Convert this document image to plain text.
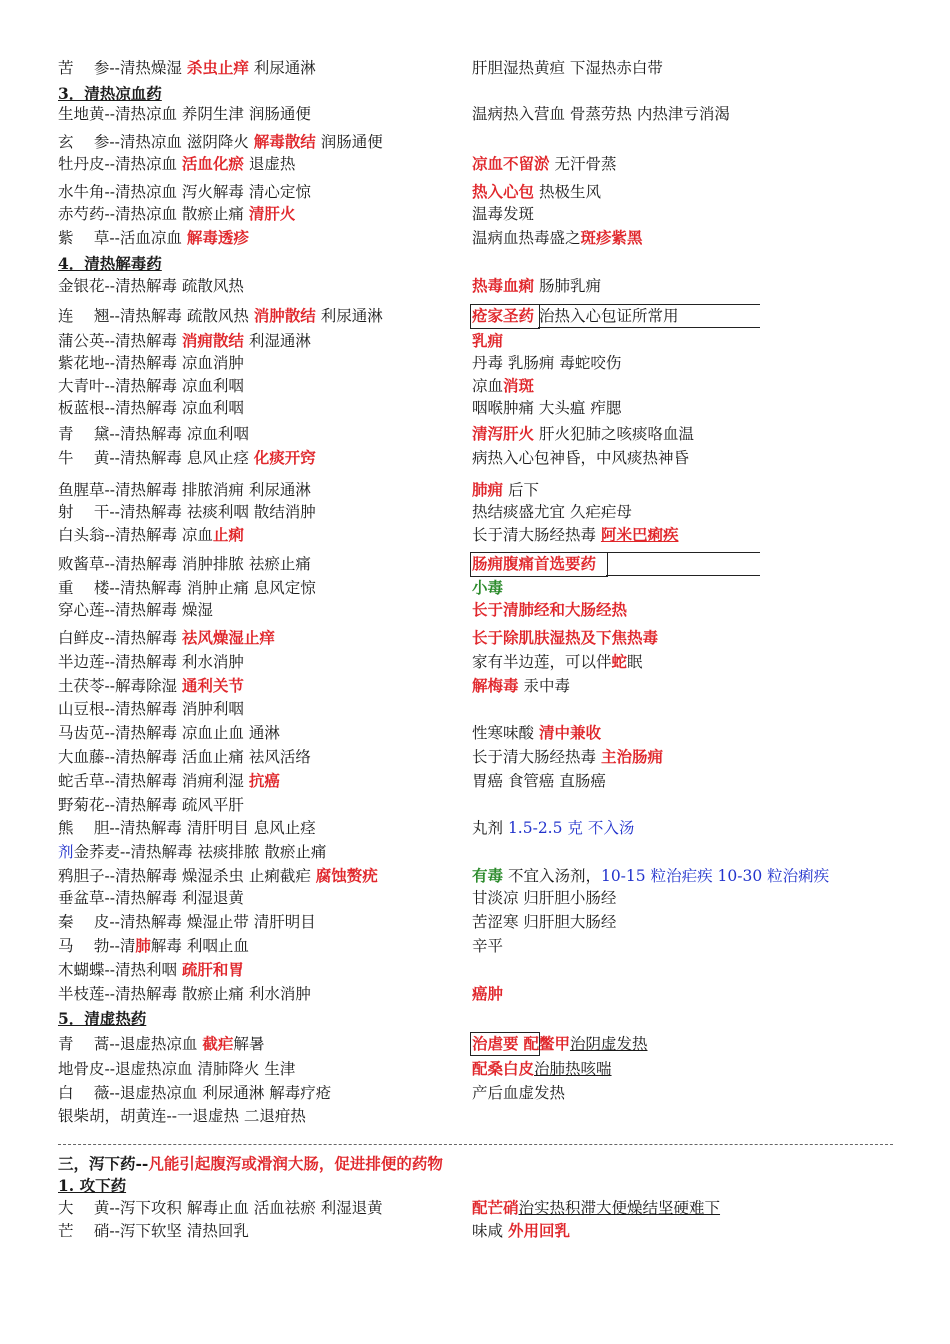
苦　 参--清热燥湿 杀虫止痒 利尿通淋	肝胆湿热黄疸 下湿热赤白带
3．清热凉血药
生地黄--清热凉血 养阴生津 润肠通便	温病热入营血 骨蒸劳热 内热津亏消渴
玄　 参--清热凉血 滋阴降火 解毒散结 润肠通便
牡丹皮--清热凉血 活血化瘀 退虚热	凉血不留淤 无汗骨蒸
水牛角--清热凉血 泻火解毒 清心定惊	热入心包 热极生风
赤芍药--清热凉血 散瘀止痛 清肝火	温毒发斑
紫　 草--活血凉血 解毒透疹	温病血热毒盛之斑疹紫黑
4．清热解毒药
金银花--清热解毒 疏散风热	热毒血痢 肠肺乳痈
连　 翘--清热解毒 疏散风热 消肿散结 利尿通淋	疮家圣药 治热入心包证所常用
蒲公英--清热解毒 消痈散结 利湿通淋	乳痈
紫花地--清热解毒 凉血消肿	丹毒 乳肠痈 毒蛇咬伤
大青叶--清热解毒 凉血利咽	凉血消斑
板蓝根--清热解毒 凉血利咽	咽喉肿痛 大头瘟 痄腮
青　 黛--清热解毒 凉血利咽	清泻肝火 肝火犯肺之咳痰咯血温
牛　 黄--清热解毒 息风止痉 化痰开窍	病热入心包神昏，中风痰热神昏
鱼腥草--清热解毒 排脓消痈 利尿通淋	肺痈 后下
射　 干--清热解毒 祛痰利咽 散结消肿	热结痰盛尤宜 久疟疟母
白头翁--清热解毒 凉血止痢	长于清大肠经热毒 阿米巴痢疾
败酱草--清热解毒 消肿排脓 祛瘀止痛	肠痈腹痛首选要药
重　 楼--清热解毒 消肿止痛 息风定惊	小毒
穿心莲--清热解毒 燥湿	长于清肺经和大肠经热
白鲜皮--清热解毒 祛风燥湿止痒	长于除肌肤湿热及下焦热毒
半边莲--清热解毒 利水消肿	家有半边莲，可以伴蛇眠
土茯苓--解毒除湿 通利关节	解梅毒 汞中毒
山豆根--清热解毒 消肿利咽
马齿苋--清热解毒 凉血止血 通淋	性寒味酸 清中兼收
大血藤--清热解毒 活血止痛 祛风活络	长于清大肠经热毒 主治肠痈
蛇舌草--清热解毒 消痈利湿 抗癌	胃癌 食管癌 直肠癌
野菊花--清热解毒 疏风平肝
熊　 胆--清热解毒 清肝明目 息风止痉	丸剂 1.5-2.5 克 不入汤
剂金荞麦--清热解毒 祛痰排脓 散瘀止痛
鸦胆子--清热解毒 燥湿杀虫 止痢截疟 腐蚀赘疣	有毒 不宜入汤剂，10-15 粒治疟疾 10-30 粒治痢疾
垂盆草--清热解毒 利湿退黄	甘淡凉 归肝胆小肠经
秦　 皮--清热解毒 燥湿止带 清肝明目	苦涩寒 归肝胆大肠经
马　 勃--清肺解毒 利咽止血	辛平
木蝴蝶--清热利咽 疏肝和胃
半枝莲--清热解毒 散瘀止痛 利水消肿	癌肿
5．清虚热药
青　 蒿--退虚热凉血 截疟解暑	治虐要 配鳖甲治阴虚发热
地骨皮--退虚热凉血 清肺降火 生津	配桑白皮治肺热咳喘
白　 薇--退虚热凉血 利尿通淋 解毒疗疮	产后血虚发热
银柴胡，胡黄连--一退虚热 二退疳热
三，泻下药--凡能引起腹泻或滑润大肠，促进排便的药物
1. 攻下药
大　 黄--泻下攻积 解毒止血 活血祛瘀 利湿退黄	配芒硝治实热积滞大便燥结坚硬难下
芒　 硝--泻下软坚 清热回乳	味咸 外用回乳
